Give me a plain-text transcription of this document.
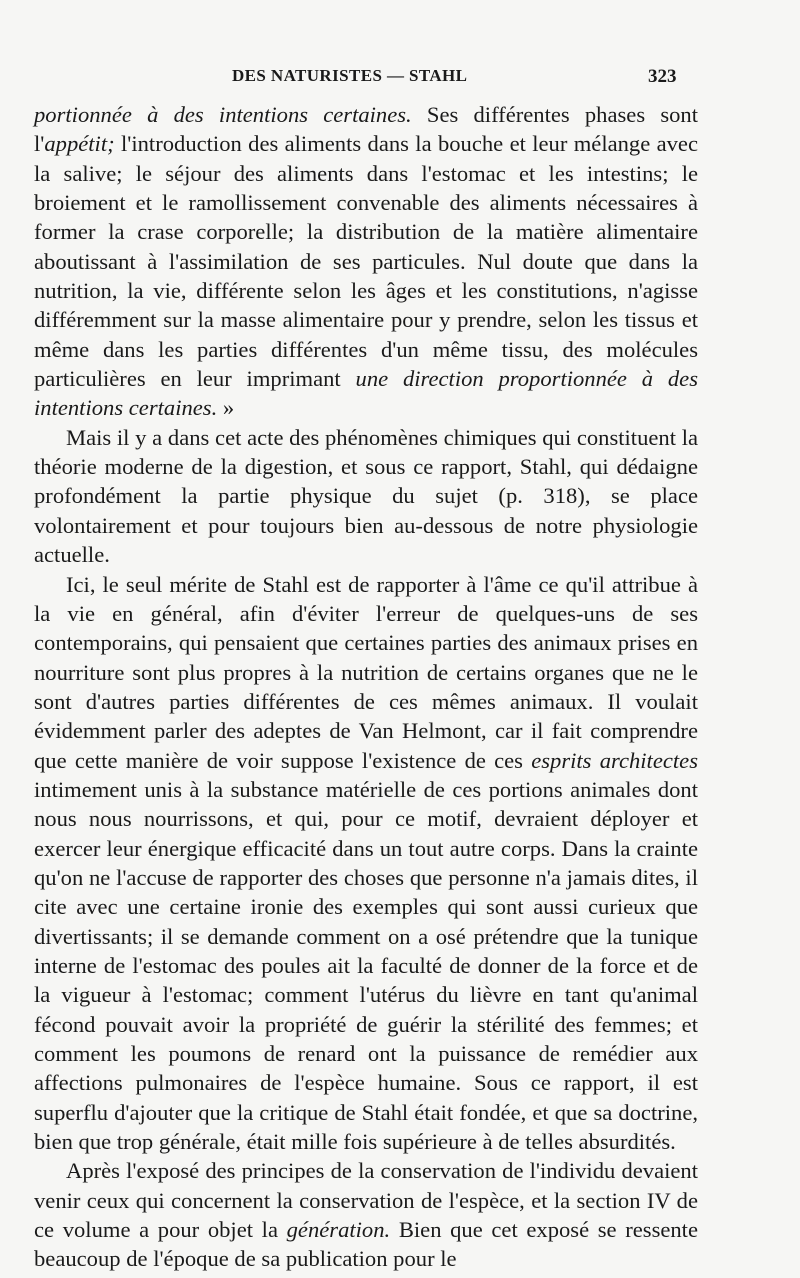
DES NATURISTES — STAHL	323

portionnée à des intentions certaines. Ses différentes phases sont l'appétit; l'introduction des aliments dans la bouche et leur mélange avec la salive; le séjour des aliments dans l'estomac et les intestins; le broiement et le ramollissement convenable des aliments nécessaires à former la crase corporelle; la distribution de la matière alimentaire aboutissant à l'assimilation de ses particules. Nul doute que dans la nutrition, la vie, différente selon les âges et les constitutions, n'agisse différemment sur la masse alimentaire pour y prendre, selon les tissus et même dans les parties différentes d'un même tissu, des molécules particulières en leur imprimant une direction proportionnée à des intentions certaines. »

Mais il y a dans cet acte des phénomènes chimiques qui constituent la théorie moderne de la digestion, et sous ce rapport, Stahl, qui dédaigne profondément la partie physique du sujet (p. 318), se place volontairement et pour toujours bien au-dessous de notre physiologie actuelle.

Ici, le seul mérite de Stahl est de rapporter à l'âme ce qu'il attribue à la vie en général, afin d'éviter l'erreur de quelques-uns de ses contemporains, qui pensaient que certaines parties des animaux prises en nourriture sont plus propres à la nutrition de certains organes que ne le sont d'autres parties différentes de ces mêmes animaux. Il voulait évidemment parler des adeptes de Van Helmont, car il fait comprendre que cette manière de voir suppose l'existence de ces esprits architectes intimement unis à la substance matérielle de ces portions animales dont nous nous nourrissons, et qui, pour ce motif, devraient déployer et exercer leur énergique efficacité dans un tout autre corps. Dans la crainte qu'on ne l'accuse de rapporter des choses que personne n'a jamais dites, il cite avec une certaine ironie des exemples qui sont aussi curieux que divertissants; il se demande comment on a osé prétendre que la tunique interne de l'estomac des poules ait la faculté de donner de la force et de la vigueur à l'estomac; comment l'utérus du lièvre en tant qu'animal fécond pouvait avoir la propriété de guérir la stérilité des femmes; et comment les poumons de renard ont la puissance de remédier aux affections pulmonaires de l'espèce humaine. Sous ce rapport, il est superflu d'ajouter que la critique de Stahl était fondée, et que sa doctrine, bien que trop générale, était mille fois supérieure à de telles absurdités.

Après l'exposé des principes de la conservation de l'individu devaient venir ceux qui concernent la conservation de l'espèce, et la section IV de ce volume a pour objet la génération. Bien que cet exposé se ressente beaucoup de l'époque de sa publication pour le
